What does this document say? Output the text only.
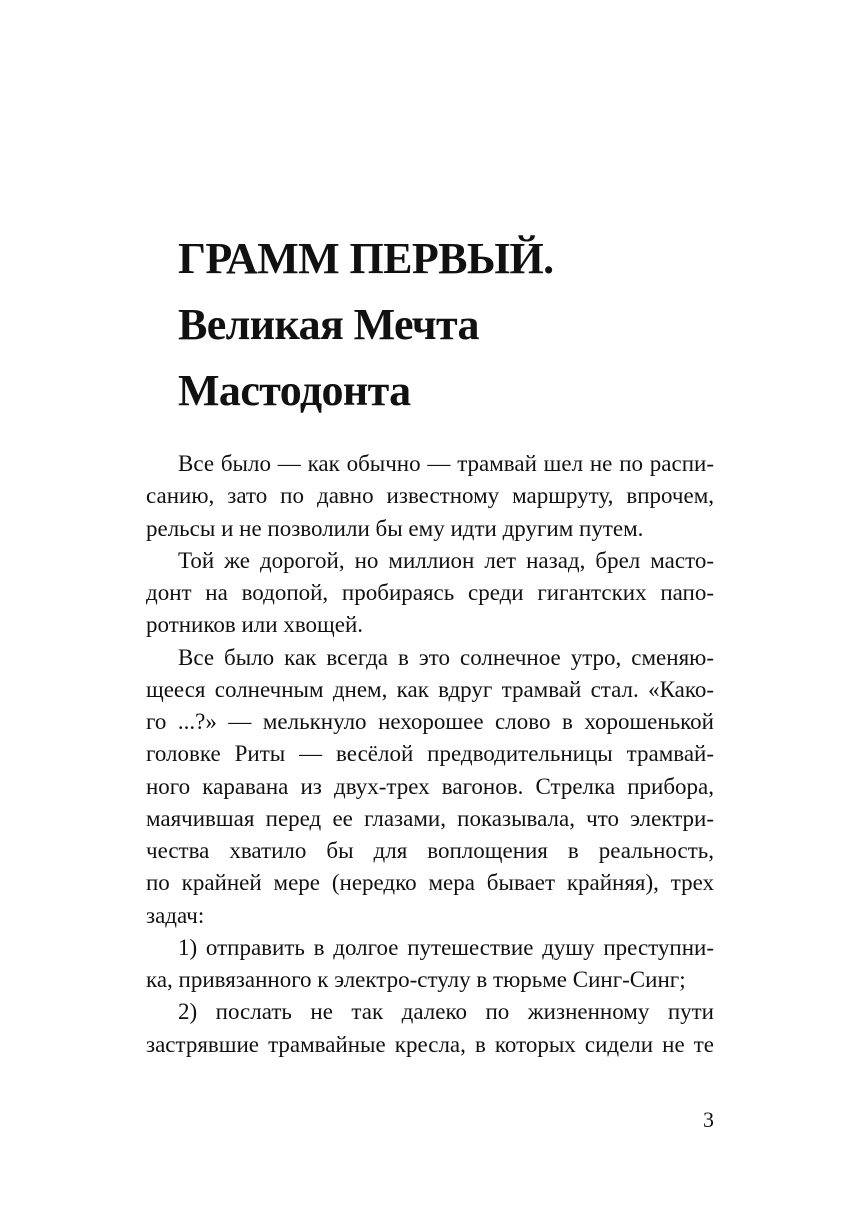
ГРАММ ПЕРВЫЙ.
Великая Мечта
Мастодонта
Все было — как обычно — трамвай шел не по распи-
санию, зато по давно известному маршруту, впрочем,
рельсы и не позволили бы ему идти другим путем.
Той же дорогой, но миллион лет назад, брел масто-
донт на водопой, пробираясь среди гигантских папо-
ротников или хвощей.
Все было как всегда в это солнечное утро, сменяю-
щееся солнечным днем, как вдруг трамвай стал. «Како-
го ...?» — мелькнуло нехорошее слово в хорошенькой
головке Риты — весёлой предводительницы трамвай-
ного каравана из двух-трех вагонов. Стрелка прибора,
маячившая перед ее глазами, показывала, что электри-
чества хватило бы для воплощения в реальность,
по крайней мере (нередко мера бывает крайняя), трех
задач:
1) отправить в долгое путешествие душу преступни-
ка, привязанного к электро-стулу в тюрьме Синг-Синг;
2) послать не так далеко по жизненному пути
застрявшие трамвайные кресла, в которых сидели не те
3
